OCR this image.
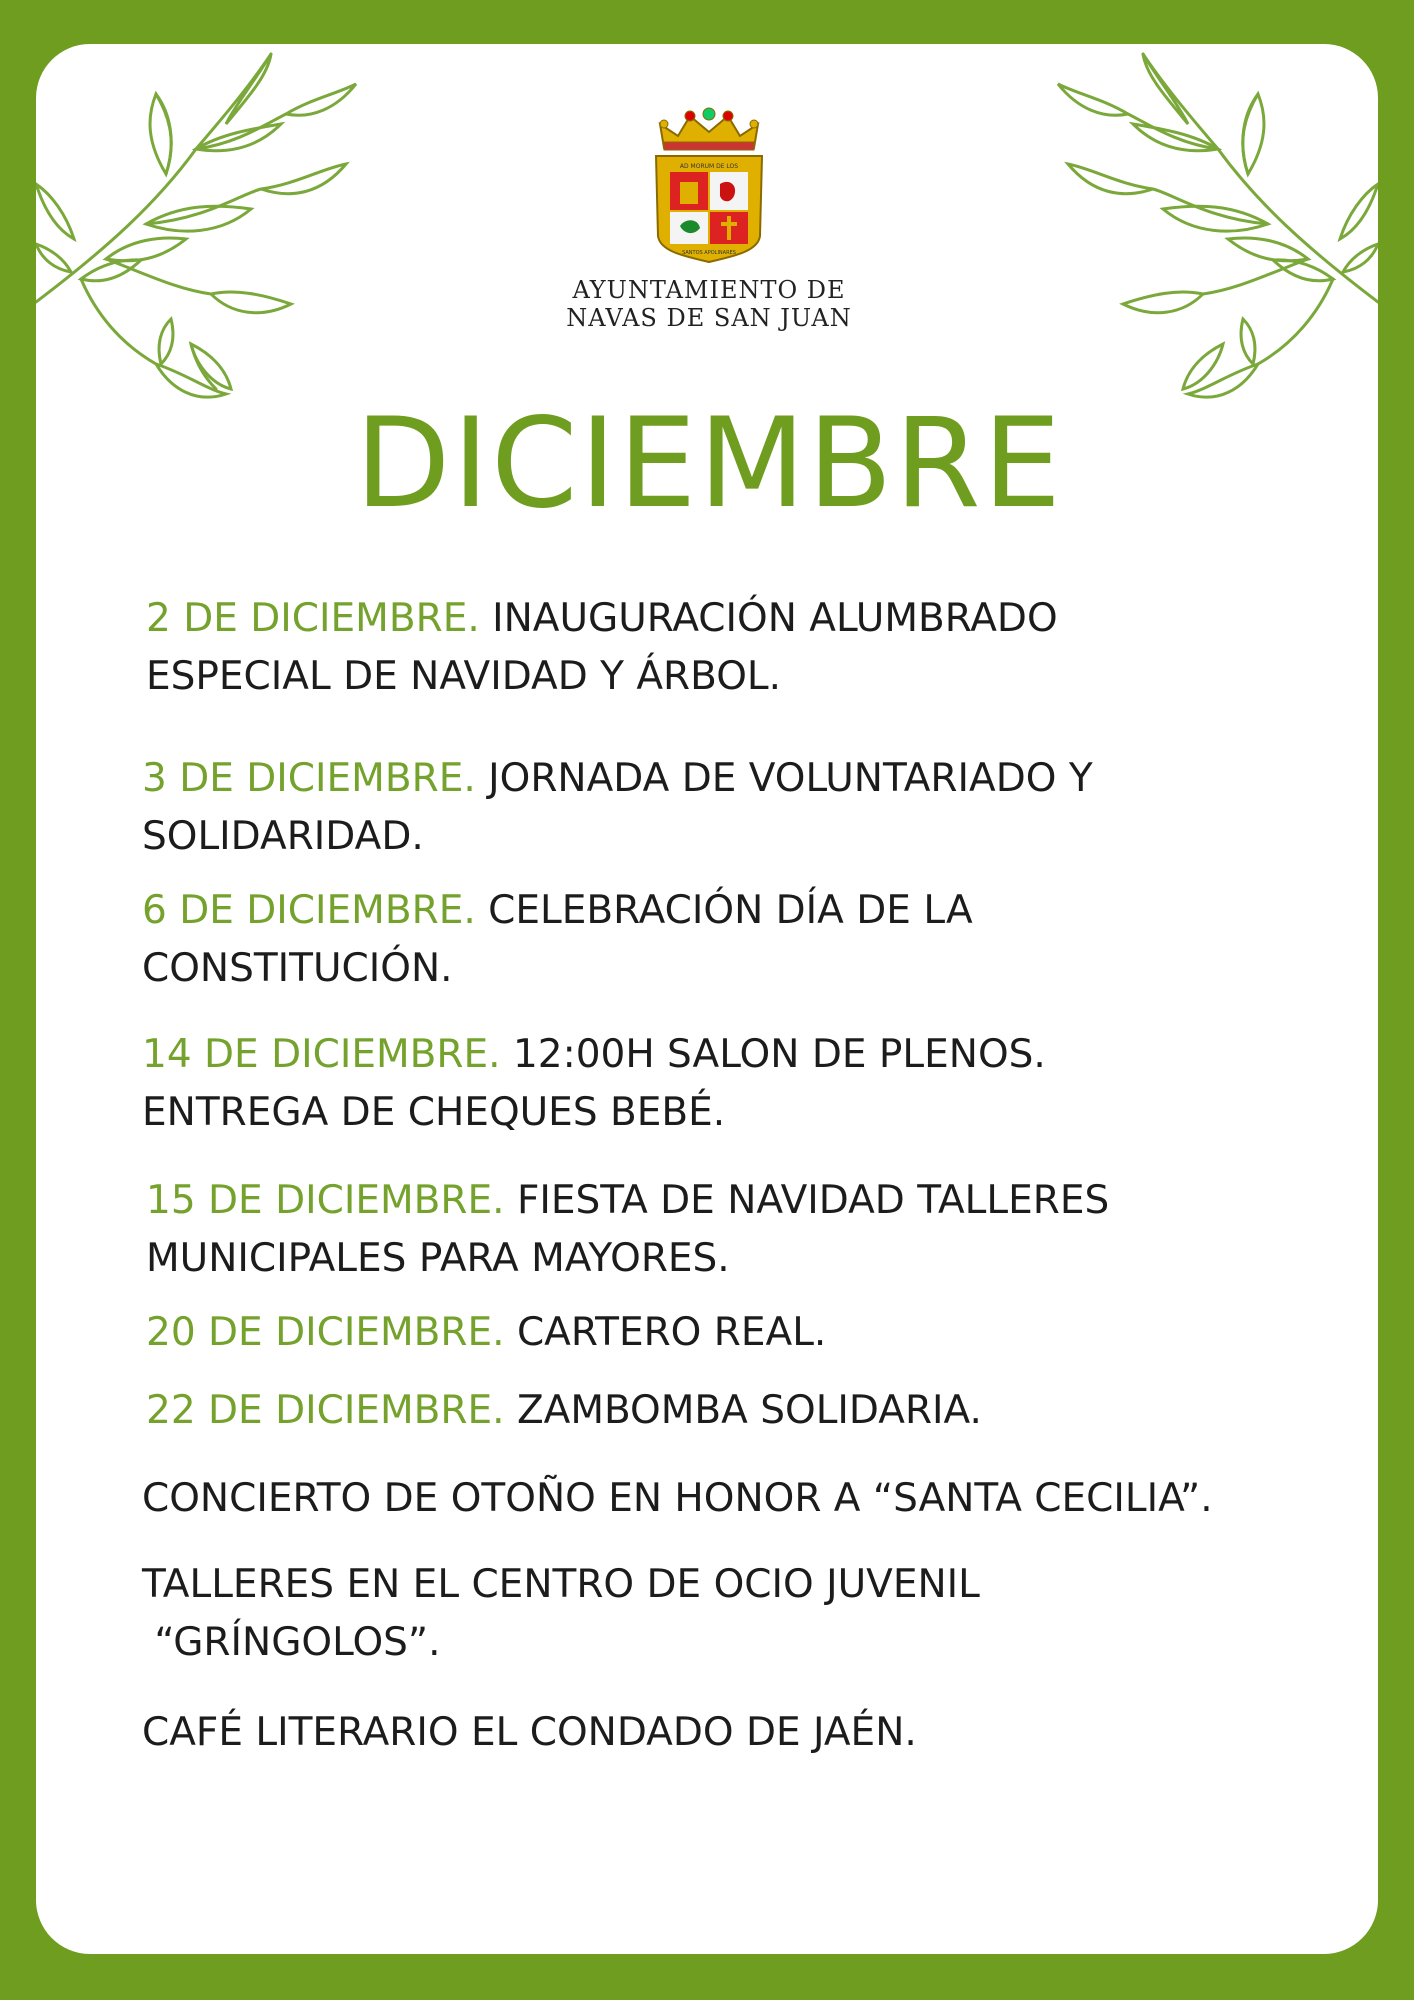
AD MORUM DE LOS
SANTOS APOLINARES
AYUNTAMIENTO DE
NAVAS DE SAN JUAN
DICIEMBRE
2 DE DICIEMBRE. INAUGURACIÓN ALUMBRADO
ESPECIAL DE NAVIDAD Y ÁRBOL.
3 DE DICIEMBRE. JORNADA DE VOLUNTARIADO Y
SOLIDARIDAD.
6 DE DICIEMBRE. CELEBRACIÓN DÍA DE LA
CONSTITUCIÓN.
14 DE DICIEMBRE. 12:00H SALON DE PLENOS.
ENTREGA DE CHEQUES BEBÉ.
15 DE DICIEMBRE. FIESTA DE NAVIDAD TALLERES
MUNICIPALES PARA MAYORES.
20 DE DICIEMBRE. CARTERO REAL.
22 DE DICIEMBRE. ZAMBOMBA SOLIDARIA.
CONCIERTO DE OTOÑO EN HONOR A “SANTA CECILIA”.
TALLERES EN EL CENTRO DE OCIO JUVENIL
“GRÍNGOLOS”.
CAFÉ LITERARIO EL CONDADO DE JAÉN.
